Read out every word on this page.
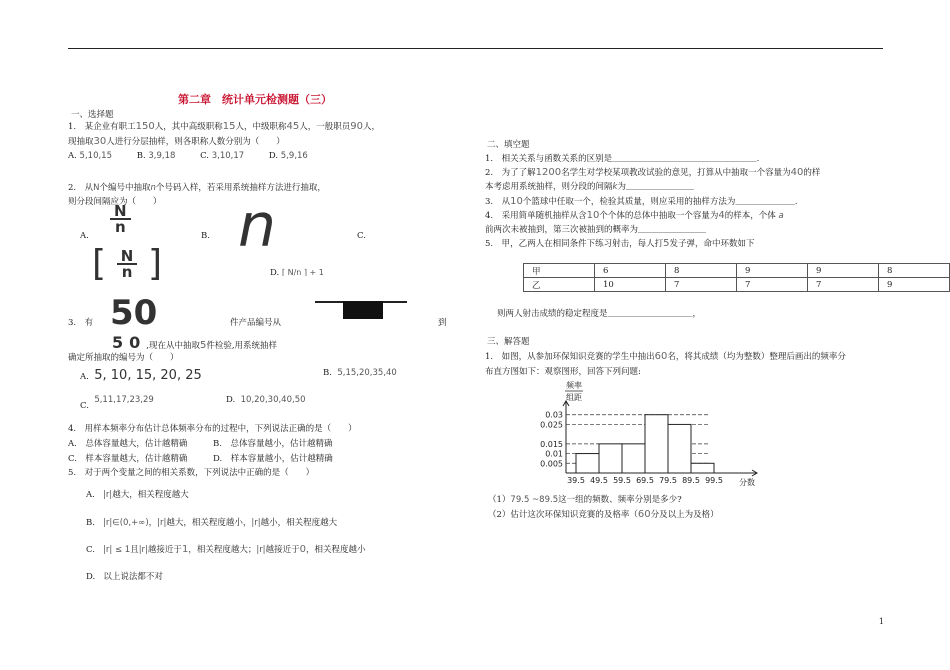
第二章　统计单元检测题（三）
一、选择题
1.　某企业有职工150人，其中高级职称15人，中级职称45人，一般职员90人，
现抽取30人进行分层抽样，则各职称人数分别为（　　）
A. 5,10,15	B. 3,9,18	C. 3,10,17	D. 5,9,16
2.　从N个编号中抽取n个号码入样，若采用系统抽样方法进行抽取，
则分段间隔应为（　　）
N
n
A.	B. n	C.
[ $\frac{N}{n}$ ]	D. ⌈ N/n ⌉ + 1
3.　有 50	件产品编号从
1
到
50,现在从中抽取5件检验,用系统抽样
确定所抽取的编号为（　　）
A. 5, 10, 15, 20, 25	B. 5,15,20,35,40
C.  5,11,17,23,29	D. 10,20,30,40,50
4.　用样本频率分布估计总体频率分布的过程中，下列说法正确的是（　　）
A.　总体容量越大，估计越精确	B.　总体容量越小，估计越精确
C.　样本容量越大，估计越精确	D.　样本容量越小，估计越精确
5.　对于两个变量之间的相关系数，下列说法中正确的是（　　）
A. |r|越大，相关程度越大
B. |r|∈(0,+∞)，|r|越大，相关程度越小，|r|越小，相关程度越大
C. |r| ≤ 1且|r|越接近于1，相关程度越大；|r|越接近于0，相关程度越小
D. 以上说法都不对
二、填空题
1.　相关关系与函数关系的区别是＿＿＿＿＿＿＿＿＿＿＿＿＿＿＿＿＿.
2.　为了了解1200名学生对学校某项教改试验的意见，打算从中抽取一个容量为40的样
本考虑用系统抽样，则分段的间隔k为＿＿＿＿＿＿＿＿
3.　从10个篮球中任取一个，检验其质量，则应采用的抽样方法为＿＿＿＿＿＿＿.
4.　采用简单随机抽样从含10个个体的总体中抽取一个容量为4的样本，个体 a
前两次未被抽到，第三次被抽到的概率为＿＿＿＿＿＿＿＿
5.　甲，乙两人在相同条件下练习射击，每人打5发子弹，命中环数如下
甲	6	8	9	9	8
乙	10	7	7	7	9
则两人射击成绩的稳定程度是＿＿＿＿＿＿＿＿＿＿，
三、解答题
1.　如图，从参加环保知识竞赛的学生中抽出60名，将其成绩（均为整数）整理后画出的频率分
布直方图如下：观察图形，回答下列问题:
0.03
0.025
0.015
0.01
0.005
39.5 49.5 59.5 69.5 79.5 89.5 99.5
频率
组距
分数
（1）79.5 ~89.5这一组的频数、频率分别是多少?
（2）估计这次环保知识竞赛的及格率（60分及以上为及格）
1
